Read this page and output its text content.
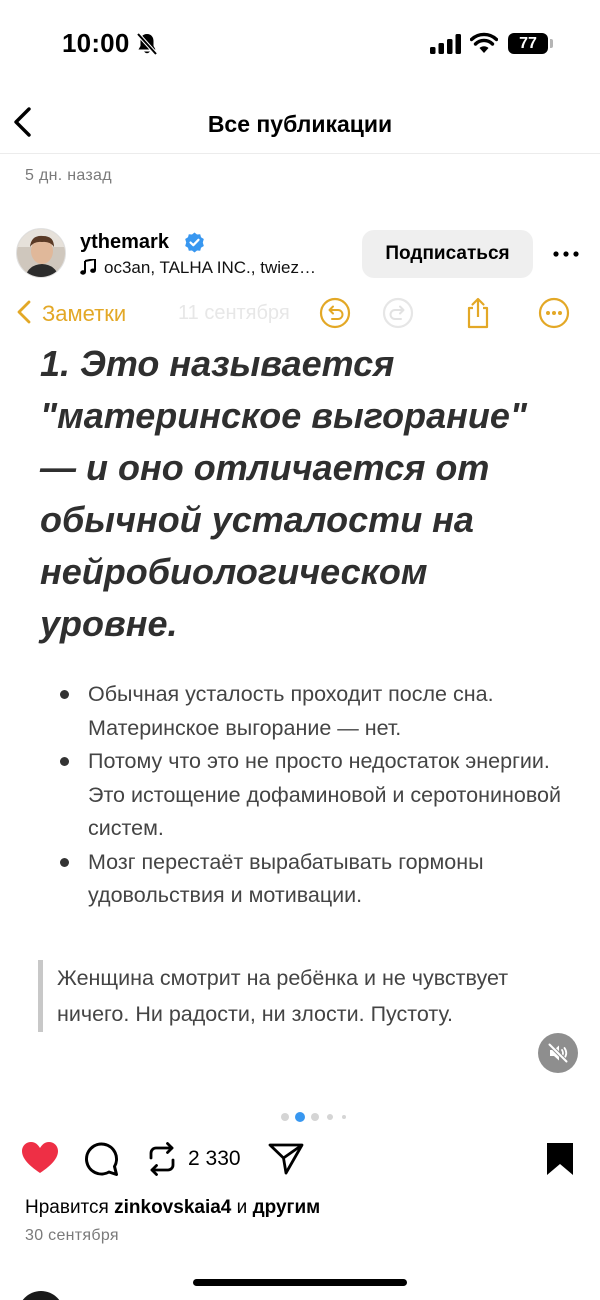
10:00	77
Все публикации
5 дн. назад
ythemark
oc3an, TALHA INC., twiez…
Подписаться
Заметки	11 сентября
1. Это называется "материнское выгорание" — и оно отличается от обычной усталости на нейробиологическом уровне.
Обычная усталость проходит после сна. Материнское выгорание — нет.
Потому что это не просто недостаток энергии. Это истощение дофаминовой и серотониновой систем.
Мозг перестаёт вырабатывать гормоны удовольствия и мотивации.
Женщина смотрит на ребёнка и не чувствует ничего. Ни радости, ни злости. Пустоту.
2 330
Нравится zinkovskaia4 и другим
30 сентября
